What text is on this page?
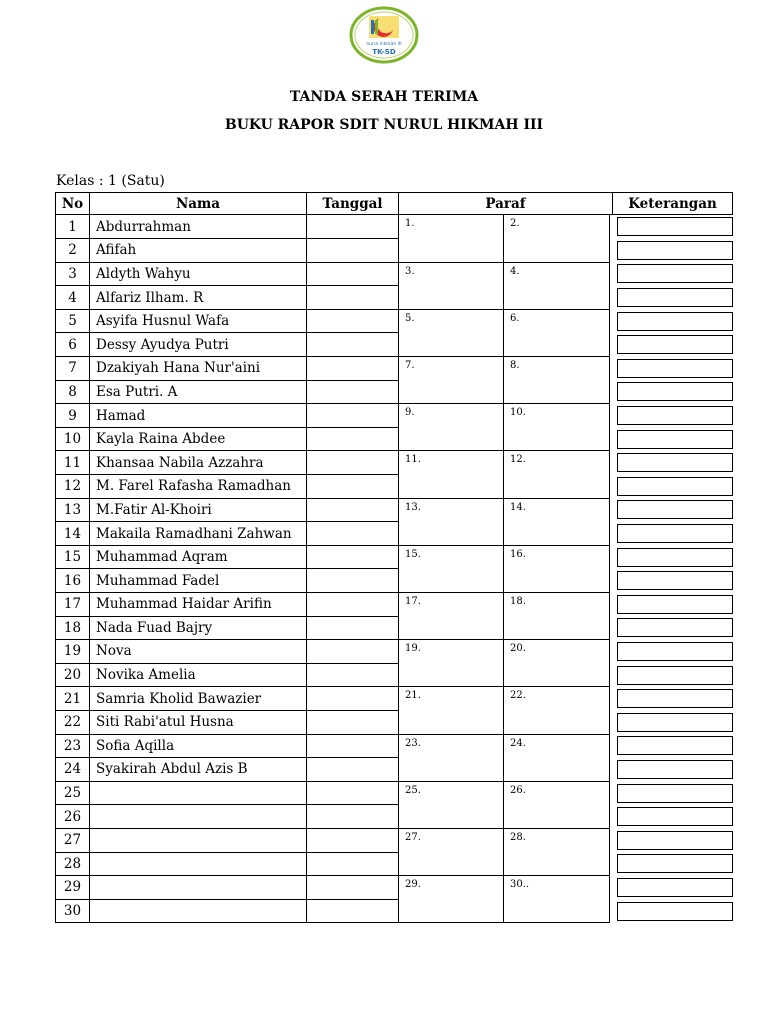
nurul hikmah III
TK-SD
TANDA SERAH TERIMA
BUKU RAPOR SDIT NURUL HIKMAH III
Kelas : 1 (Satu)
No	Nama	Tanggal	Paraf			Keterangan
1	Abdurrahman		1.	2.		

2	Afifah					

3	Aldyth Wahyu		3.	4.		

4	Alfariz Ilham. R					

5	Asyifa Husnul Wafa		5.	6.		

6	Dessy Ayudya Putri					

7	Dzakiyah Hana Nur'aini		7.	8.		

8	Esa Putri. A					

9	Hamad		9.	10.		

10	Kayla Raina Abdee					

11	Khansaa Nabila Azzahra		11.	12.		

12	M. Farel Rafasha Ramadhan					

13	M.Fatir Al-Khoiri		13.	14.		

14	Makaila Ramadhani Zahwan					

15	Muhammad Aqram		15.	16.		

16	Muhammad Fadel					

17	Muhammad Haidar Arifin		17.	18.		

18	Nada Fuad Bajry					

19	Nova		19.	20.		

20	Novika Amelia					

21	Samria Kholid Bawazier		21.	22.		

22	Siti Rabi'atul Husna					

23	Sofia Aqilla		23.	24.		

24	Syakirah Abdul Azis B					

25			25.	26.		

26						

27			27.	28.		

28						

29			29.	30..		

30						
